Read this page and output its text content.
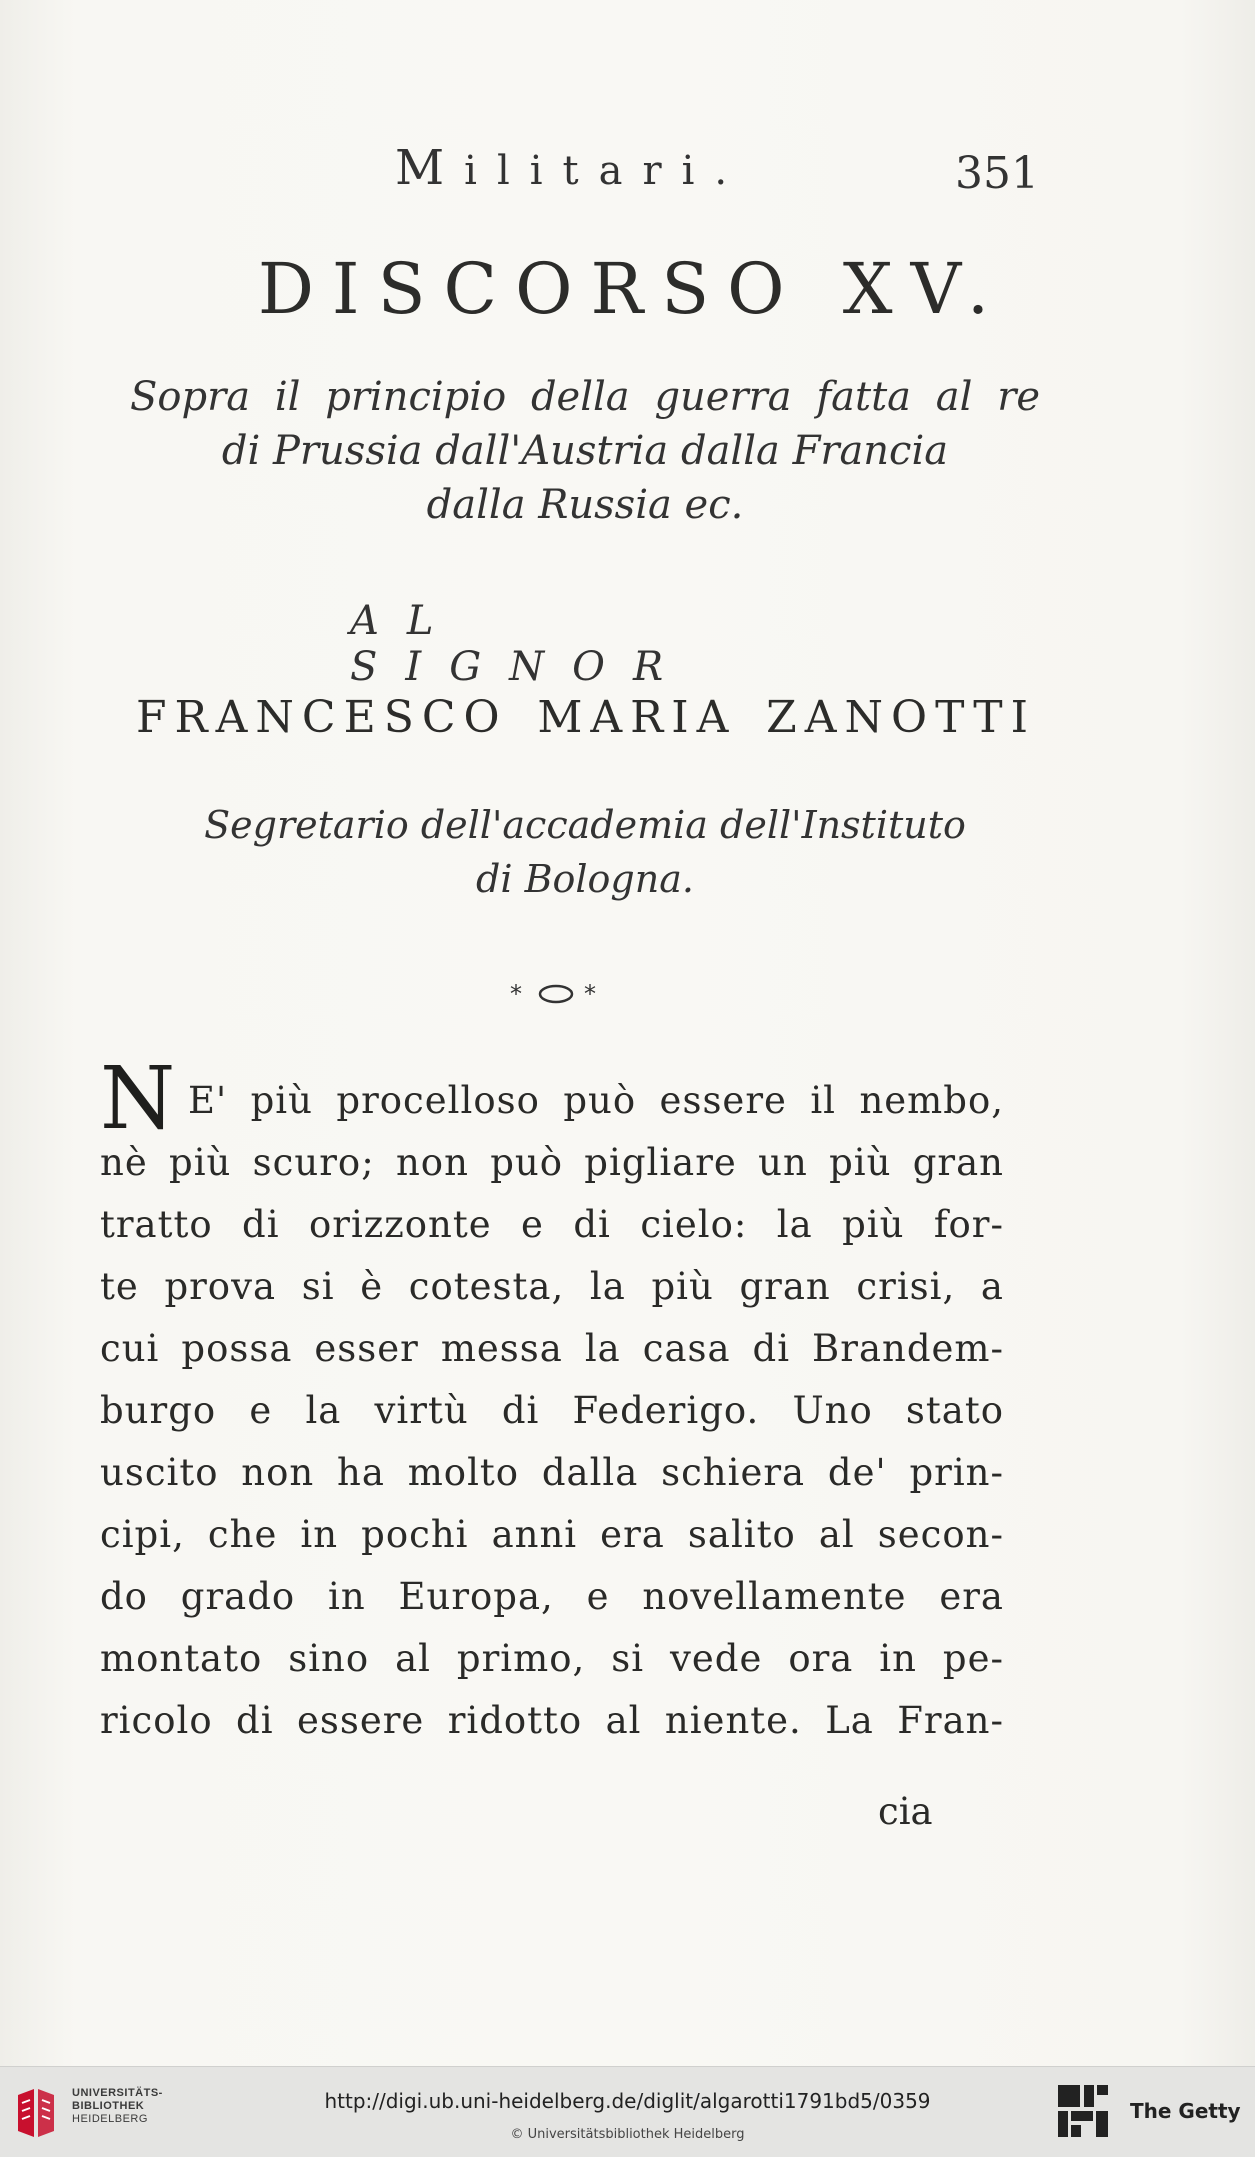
Militari.	351
DISCORSO XV.
Sopra il principio della guerra fatta al re
di Prussia dall'Austria dalla Francia
dalla Russia ec.
AL SIGNOR
FRANCESCO MARIA ZANOTTI
Segretario dell'accademia dell'Instituto
di Bologna.
*	*
N E' più procelloso può essere il nembo,
nè più scuro; non può pigliare un più gran
tratto di orizzonte e di cielo: la più for-
te prova si è cotesta, la più gran crisi, a
cui possa esser messa la casa di Brandem-
burgo e la virtù di Federigo. Uno stato
uscito non ha molto dalla schiera de' prin-
cipi, che in pochi anni era salito al secon-
do grado in Europa, e novellamente era
montato sino al primo, si vede ora in pe-
ricolo di essere ridotto al niente. La Fran-
cia
UNIVERSITÄTS-
BIBLIOTHEK
HEIDELBERG
http://digi.ub.uni-heidelberg.de/diglit/algarotti1791bd5/0359
© Universitätsbibliothek Heidelberg
The Getty
